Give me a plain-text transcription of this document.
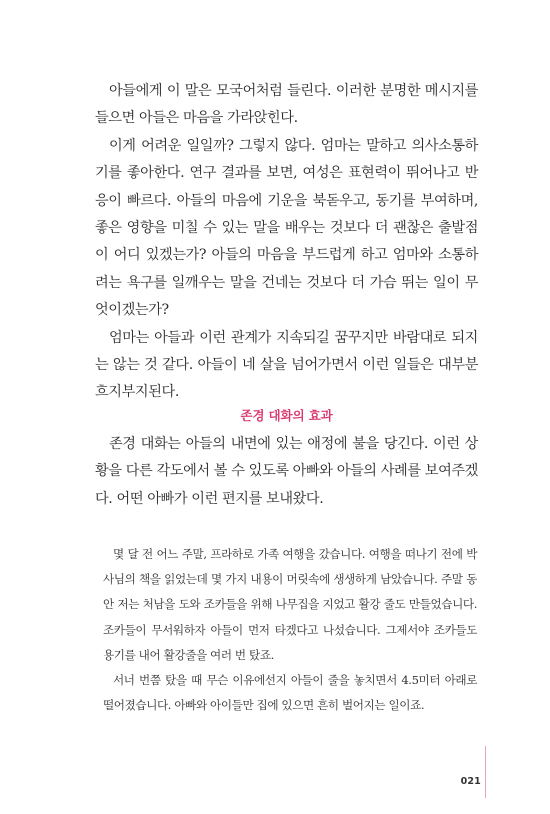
아들에게 이 말은 모국어처럼 들린다. 이러한 분명한 메시지를 들으면 아들은 마음을 가라앉힌다.

이게 어려운 일일까? 그렇지 않다. 엄마는 말하고 의사소통하기를 좋아한다. 연구 결과를 보면, 여성은 표현력이 뛰어나고 반응이 빠르다. 아들의 마음에 기운을 북돋우고, 동기를 부여하며, 좋은 영향을 미칠 수 있는 말을 배우는 것보다 더 괜찮은 출발점이 어디 있겠는가? 아들의 마음을 부드럽게 하고 엄마와 소통하려는 욕구를 일깨우는 말을 건네는 것보다 더 가슴 뛰는 일이 무엇이겠는가?

엄마는 아들과 이런 관계가 지속되길 꿈꾸지만 바람대로 되지는 않는 것 같다. 아들이 네 살을 넘어가면서 이런 일들은 대부분 흐지부지된다.

존경 대화의 효과

존경 대화는 아들의 내면에 있는 애정에 불을 당긴다. 이런 상황을 다른 각도에서 볼 수 있도록 아빠와 아들의 사례를 보여주겠다. 어떤 아빠가 이런 편지를 보내왔다.

몇 달 전 어느 주말, 프라하로 가족 여행을 갔습니다. 여행을 떠나기 전에 박사님의 책을 읽었는데 몇 가지 내용이 머릿속에 생생하게 남았습니다. 주말 동안 저는 처남을 도와 조카들을 위해 나무집을 지었고 활강 줄도 만들었습니다. 조카들이 무서워하자 아들이 먼저 타겠다고 나섰습니다. 그제서야 조카들도 용기를 내어 활강줄을 여러 번 탔죠.

서너 번쯤 탔을 때 무슨 이유에선지 아들이 줄을 놓치면서 4.5미터 아래로 떨어졌습니다. 아빠와 아이들만 집에 있으면 흔히 벌어지는 일이죠.

021
